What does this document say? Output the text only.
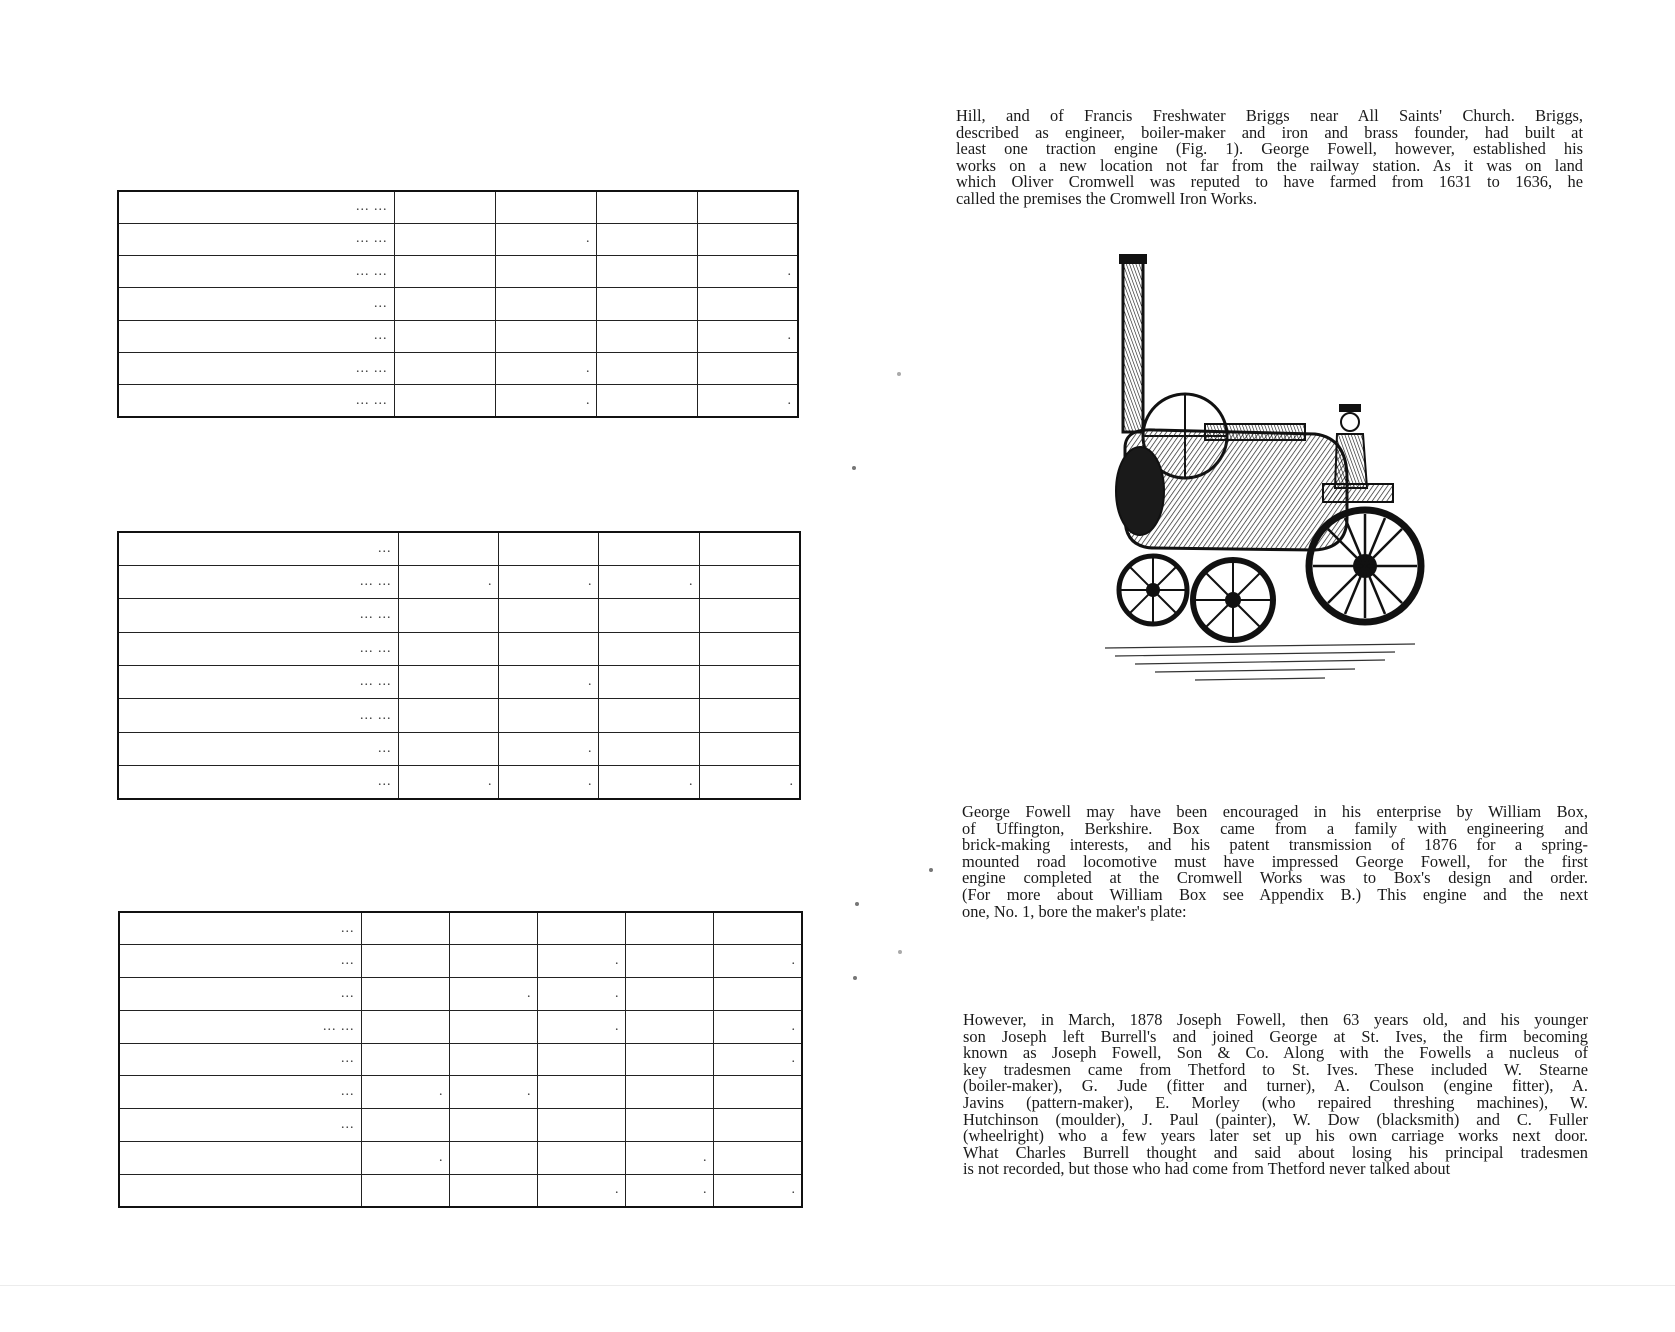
... ...				
... ...		.		
... ...				.
...				
...				.
... ...		.		
... ...		.		.
...				
... ...	.	.	.	
... ...				
... ...				
... ...		.		
... ...				
...		.		
...	.	.	.	.
...					
...			.		.
...		.	.		
... ...			.		.
...					.
...	.	.			
...					
	.			.	
			.	.	.

Hill, and of Francis Freshwater Briggs near All Saints' Church. Briggs,
described as engineer, boiler-maker and iron and brass founder, had built at
least one traction engine (Fig. 1). George Fowell, however, established his
works on a new location not far from the railway station. As it was on land
which Oliver Cromwell was reputed to have farmed from 1631 to 1636, he
called the premises the Cromwell Iron Works.

George Fowell may have been encouraged in his enterprise by William Box,
of Uffington, Berkshire. Box came from a family with engineering and
brick-making interests, and his patent transmission of 1876 for a spring-
mounted road locomotive must have impressed George Fowell, for the first
engine completed at the Cromwell Works was to Box's design and order.
(For more about William Box see Appendix B.) This engine and the next
one, No. 1, bore the maker's plate:

However, in March, 1878 Joseph Fowell, then 63 years old, and his younger
son Joseph left Burrell's and joined George at St. Ives, the firm becoming
known as Joseph Fowell, Son & Co. Along with the Fowells a nucleus of
key tradesmen came from Thetford to St. Ives. These included W. Stearne
(boiler-maker), G. Jude (fitter and turner), A. Coulson (engine fitter), A.
Javins (pattern-maker), E. Morley (who repaired threshing machines), W.
Hutchinson (moulder), J. Paul (painter), W. Dow (blacksmith) and C. Fuller
(wheelright) who a few years later set up his own carriage works next door.
What Charles Burrell thought and said about losing his principal tradesmen
is not recorded, but those who had come from Thetford never talked about
